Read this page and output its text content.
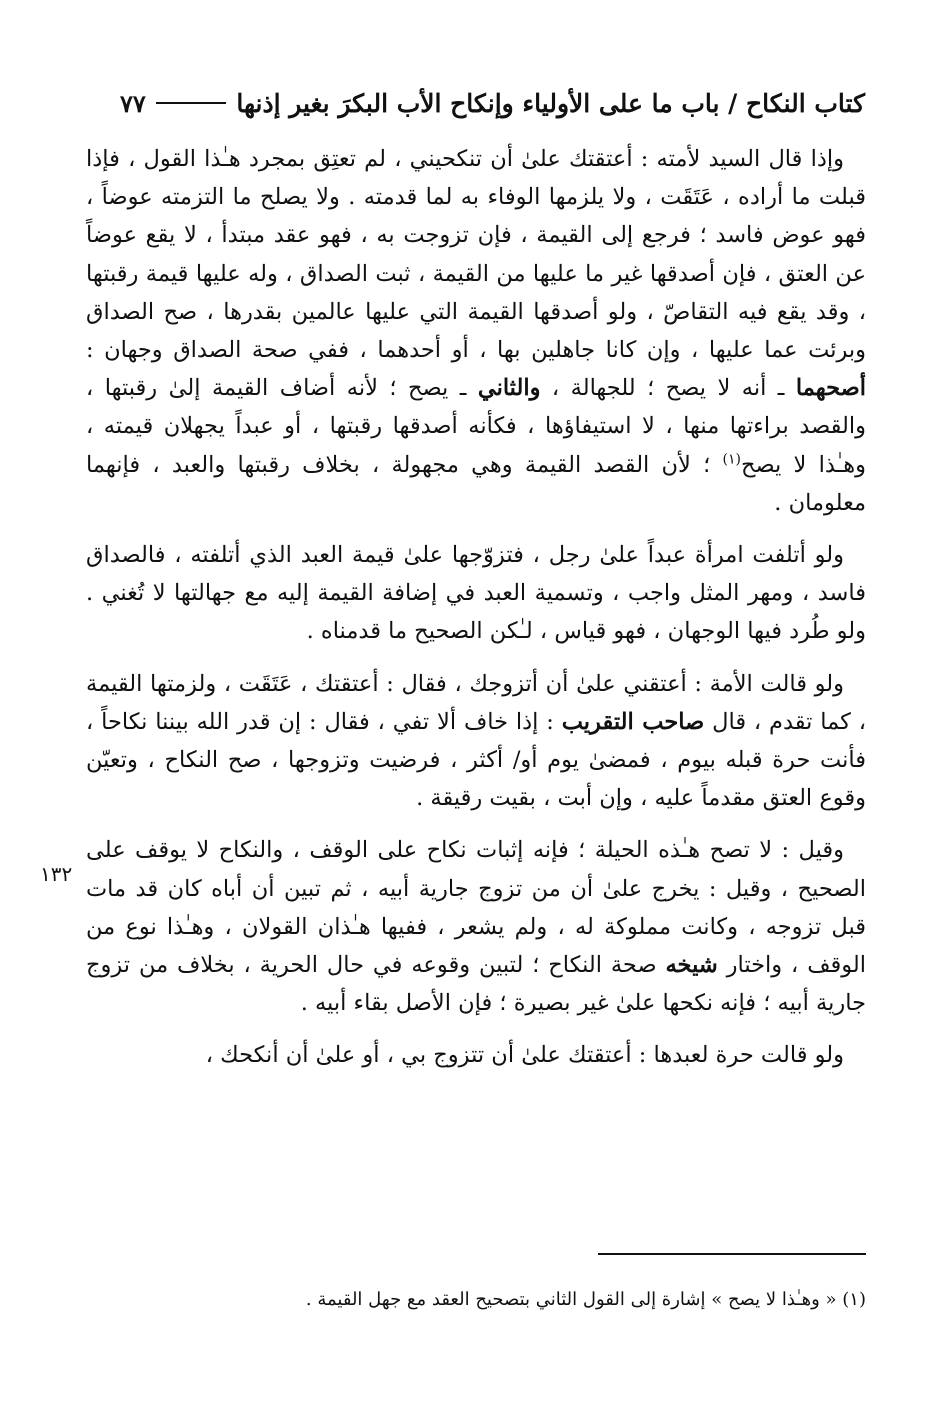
كتاب النكاح / باب ما على الأولياء وإنكاح الأب البكرَ بغير إذنها
٧٧

وإذا قال السيد لأمته : أعتقتك علىٰ أن تنكحيني ، لم تعتِق بمجرد هـٰذا القول ، فإذا قبلت ما أراده ، عَتَقَت ، ولا يلزمها الوفاء به لما قدمته . ولا يصلح ما التزمته عوضاً ، فهو عوض فاسد ؛ فرجع إلى القيمة ، فإن تزوجت به ، فهو عقد مبتدأ ، لا يقع عوضاً عن العتق ، فإن أصدقها غير ما عليها من القيمة ، ثبت الصداق ، وله عليها قيمة رقبتها ، وقد يقع فيه التقاصّ ، ولو أصدقها القيمة التي عليها عالمين بقدرها ، صح الصداق وبرئت عما عليها ، وإن كانا جاهلين بها ، أو أحدهما ، ففي صحة الصداق وجهان : أصحهما ـ أنه لا يصح ؛ للجهالة ، والثاني ـ يصح ؛ لأنه أضاف القيمة إلىٰ رقبتها ، والقصد براءتها منها ، لا استيفاؤها ، فكأنه أصدقها رقبتها ، أو عبداً يجهلان قيمته ، وهـٰذا لا يصح$^{(١)}$ ؛ لأن القصد القيمة وهي مجهولة ، بخلاف رقبتها والعبد ، فإنهما معلومان .

ولو أتلفت امرأة عبداً علىٰ رجل ، فتزوّجها علىٰ قيمة العبد الذي أتلفته ، فالصداق فاسد ، ومهر المثل واجب ، وتسمية العبد في إضافة القيمة إليه مع جهالتها لا تُغني . ولو طُرد فيها الوجهان ، فهو قياس ، لـٰكن الصحيح ما قدمناه .

ولو قالت الأمة : أعتقني علىٰ أن أتزوجك ، فقال : أعتقتك ، عَتَقَت ، ولزمتها القيمة ، كما تقدم ، قال صاحب التقريب : إذا خاف ألا تفي ، فقال : إن قدر الله بيننا نكاحاً ، فأنت حرة قبله بيوم ، فمضىٰ يوم أو/ أكثر ، فرضيت وتزوجها ، صح النكاح ، وتعيّن وقوع العتق مقدماً عليه ، وإن أبت ، بقيت رقيقة .

وقيل : لا تصح هـٰذه الحيلة ؛ فإنه إثبات نكاح على الوقف ، والنكاح لا يوقف على الصحيح ، وقيل : يخرج علىٰ أن من تزوج جارية أبيه ، ثم تبين أن أباه كان قد مات قبل تزوجه ، وكانت مملوكة له ، ولم يشعر ، ففيها هـٰذان القولان ، وهـٰذا نوع من الوقف ، واختار شيخه صحة النكاح ؛ لتبين وقوعه في حال الحرية ، بخلاف من تزوج جارية أبيه ؛ فإنه نكحها علىٰ غير بصيرة ؛ فإن الأصل بقاء أبيه .

ولو قالت حرة لعبدها : أعتقتك علىٰ أن تتزوج بي ، أو علىٰ أن أنكحك ،

١٣٢
(١) « وهـٰذا لا يصح » إشارة إلى القول الثاني بتصحيح العقد مع جهل القيمة .
